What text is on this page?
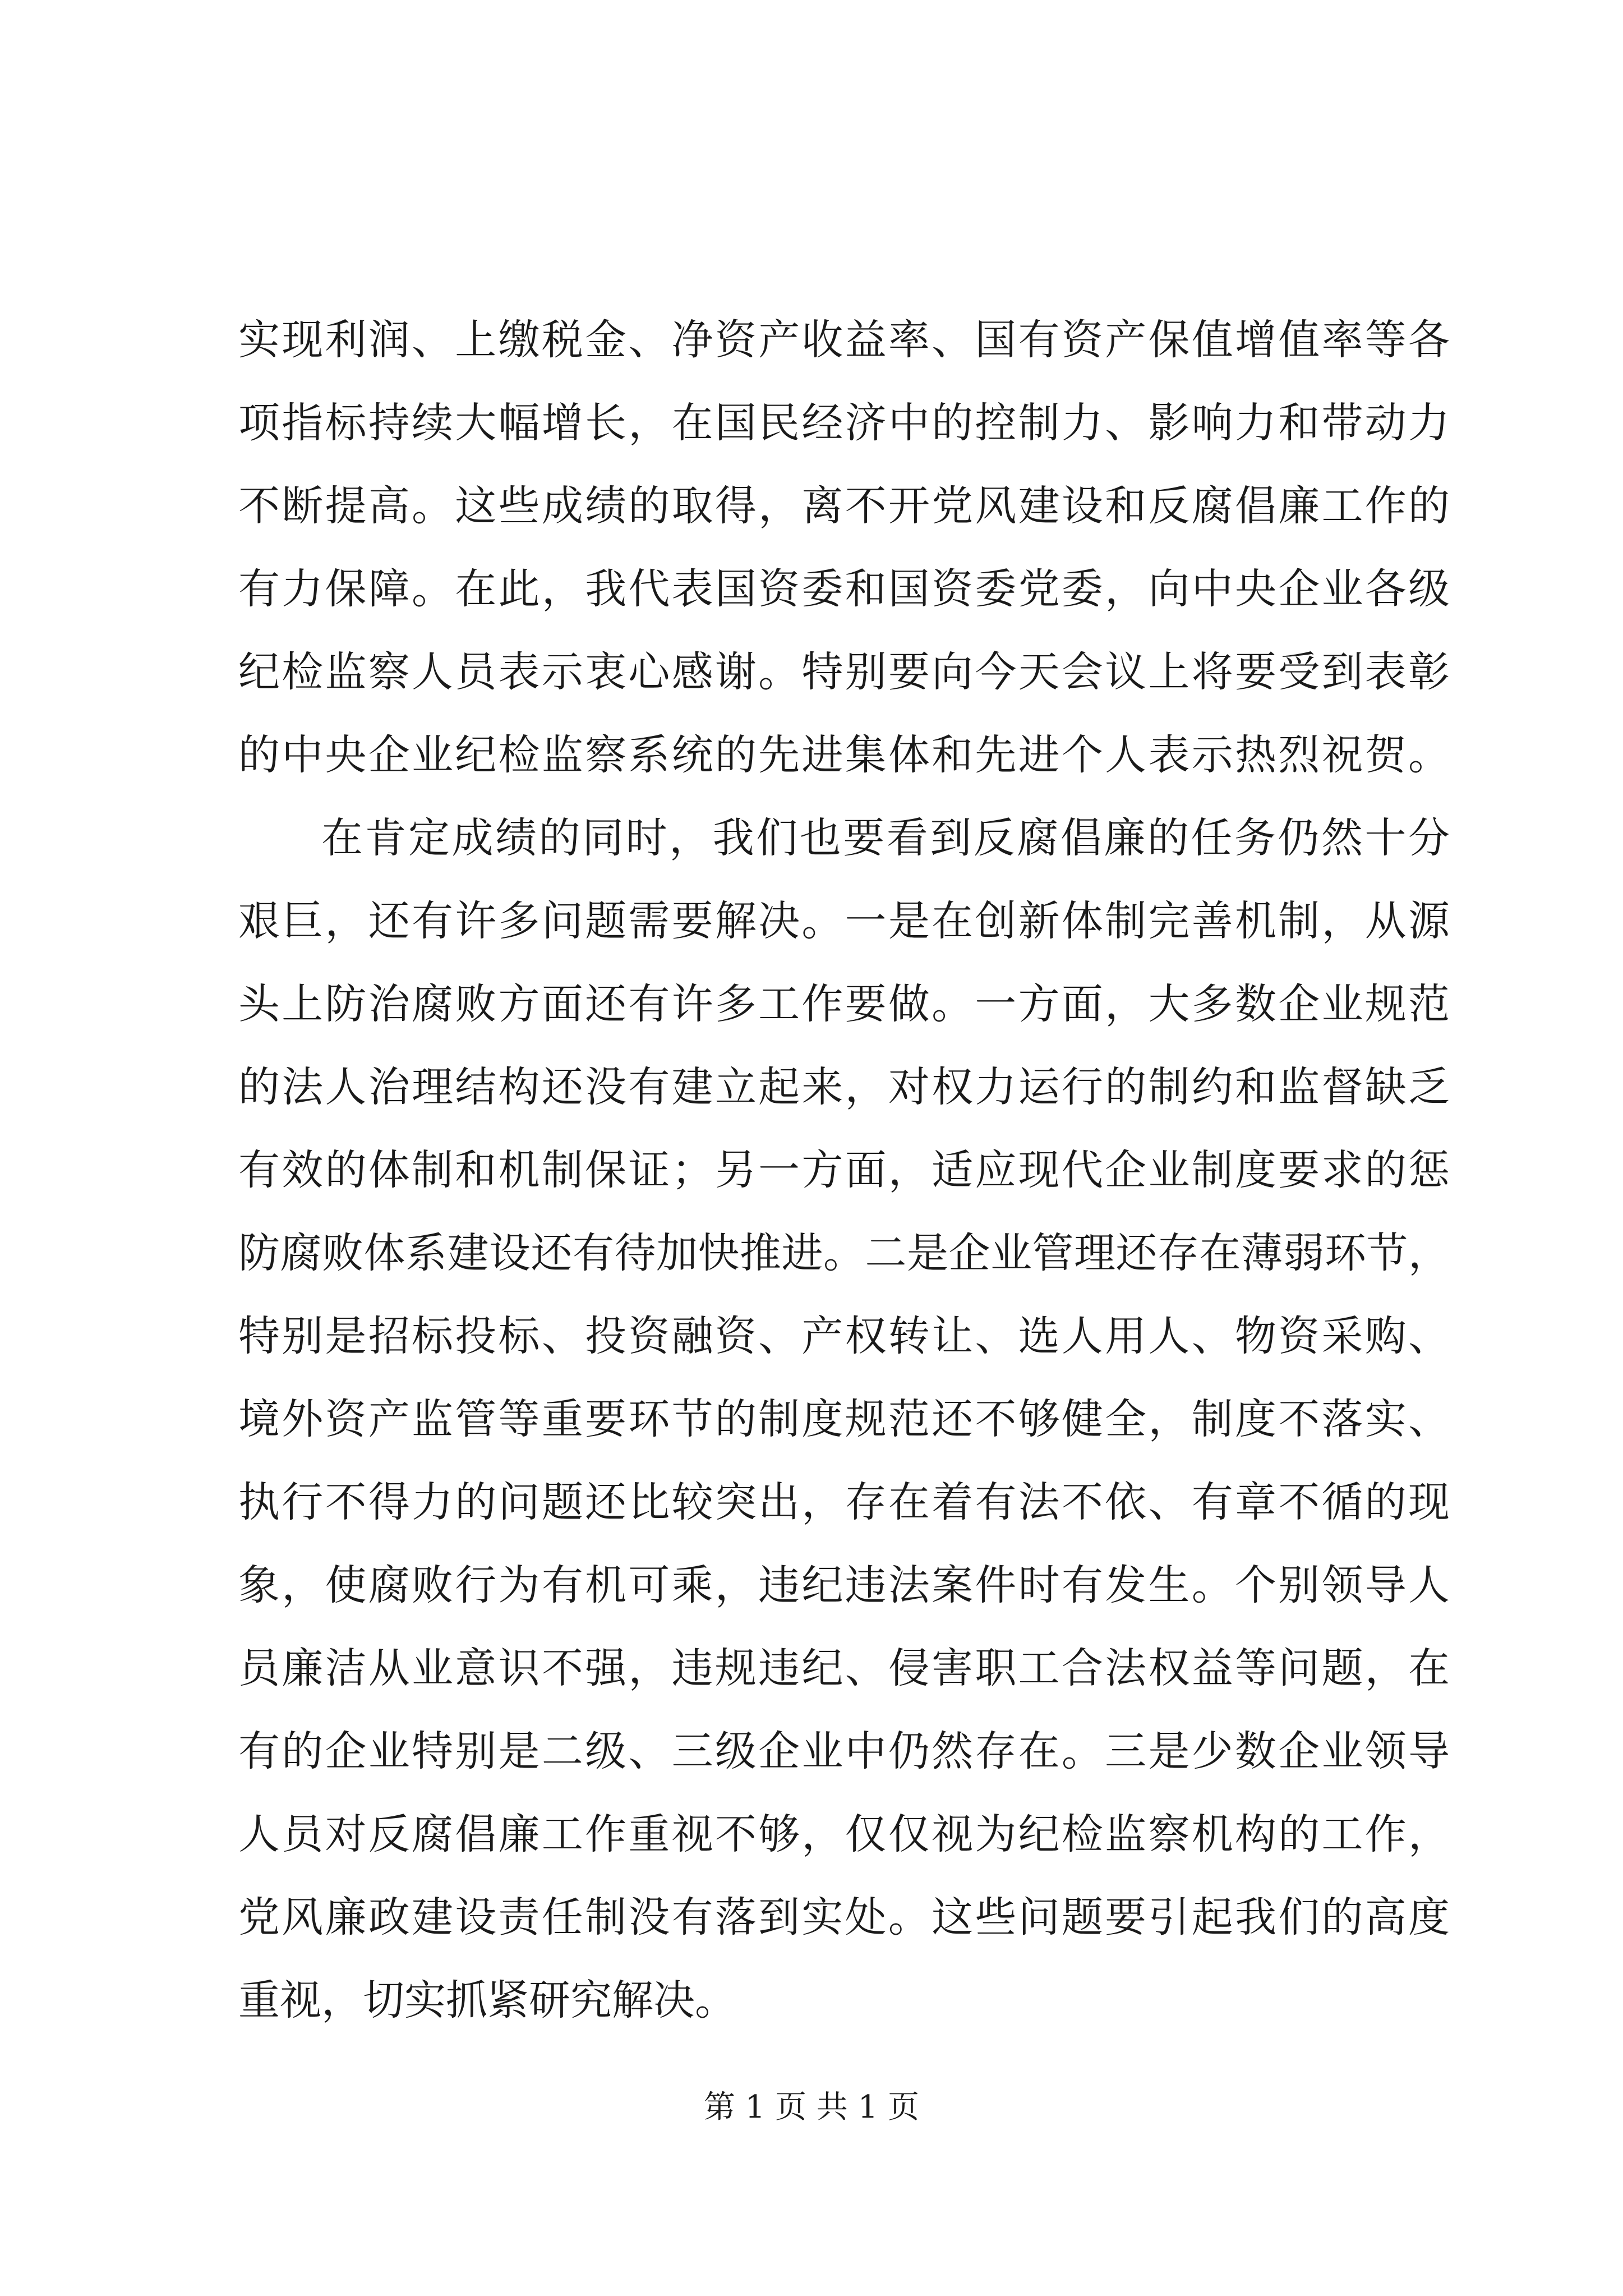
实现利润、上缴税金、净资产收益率、国有资产保值增值率等各
项指标持续大幅增长，在国民经济中的控制力、影响力和带动力
不断提高。这些成绩的取得，离不开党风建设和反腐倡廉工作的
有力保障。在此，我代表国资委和国资委党委，向中央企业各级
纪检监察人员表示衷心感谢。特别要向今天会议上将要受到表彰
的中央企业纪检监察系统的先进集体和先进个人表示热烈祝贺。
在肯定成绩的同时，我们也要看到反腐倡廉的任务仍然十分
艰巨，还有许多问题需要解决。一是在创新体制完善机制，从源
头上防治腐败方面还有许多工作要做。一方面，大多数企业规范
的法人治理结构还没有建立起来，对权力运行的制约和监督缺乏
有效的体制和机制保证；另一方面，适应现代企业制度要求的惩
防腐败体系建设还有待加快推进。二是企业管理还存在薄弱环节，
特别是招标投标、投资融资、产权转让、选人用人、物资采购、
境外资产监管等重要环节的制度规范还不够健全，制度不落实、
执行不得力的问题还比较突出，存在着有法不依、有章不循的现
象，使腐败行为有机可乘，违纪违法案件时有发生。个别领导人
员廉洁从业意识不强，违规违纪、侵害职工合法权益等问题，在
有的企业特别是二级、三级企业中仍然存在。三是少数企业领导
人员对反腐倡廉工作重视不够，仅仅视为纪检监察机构的工作，
党风廉政建设责任制没有落到实处。这些问题要引起我们的高度
重视，切实抓紧研究解决。
第 1 页 共 1 页
